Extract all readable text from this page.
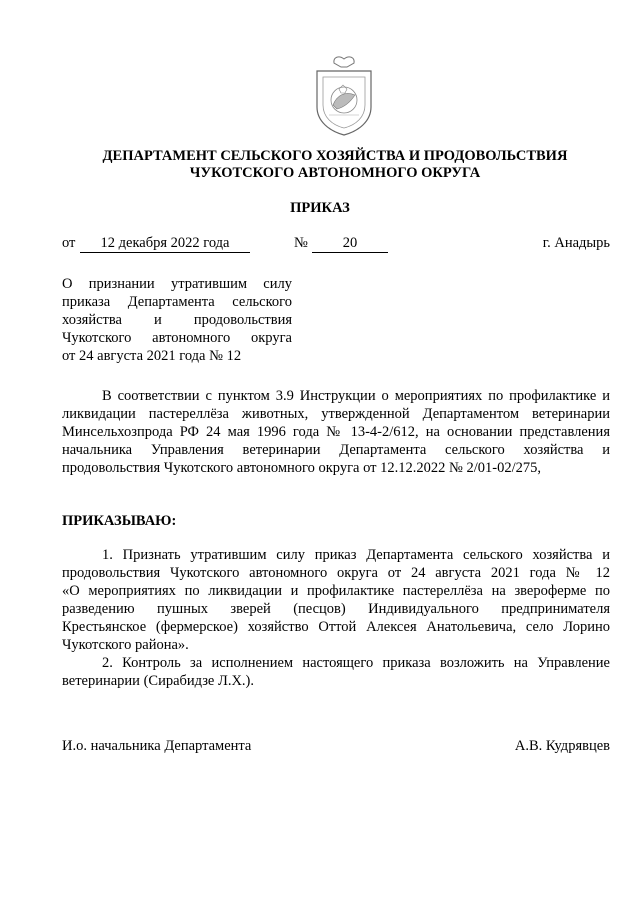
ДЕПАРТАМЕНТ СЕЛЬСКОГО ХОЗЯЙСТВА И ПРОДОВОЛЬСТВИЯ
ЧУКОТСКОГО АВТОНОМНОГО ОКРУГА
ПРИКАЗ
от	12 декабря 2022 года	№	20	г. Анадырь
О признании утратившим силу
приказа Департамента сельского
хозяйства и продовольствия
Чукотского автономного округа
от 24 августа 2021 года № 12
В соответствии с пунктом 3.9 Инструкции о мероприятиях по профилактике и
ликвидации пастереллёза животных, утвержденной Департаментом ветеринарии
Минсельхозпрода РФ 24 мая 1996 года № 13-4-2/612, на основании представления
начальника Управления ветеринарии Департамента сельского хозяйства и
продовольствия Чукотского автономного округа от 12.12.2022 № 2/01-02/275,
ПРИКАЗЫВАЮ:
1. Признать утратившим силу приказ Департамента сельского хозяйства и
продовольствия Чукотского автономного округа от 24 августа 2021 года № 12
«О мероприятиях по ликвидации и профилактике пастереллёза на звероферме по
разведению пушных зверей (песцов) Индивидуального предпринимателя
Крестьянское (фермерское) хозяйство Оттой Алексея Анатольевича, село Лорино
Чукотского района».
2. Контроль за исполнением настоящего приказа возложить на Управление
ветеринарии (Сирабидзе Л.Х.).
И.о. начальника Департамента	А.В. Кудрявцев
